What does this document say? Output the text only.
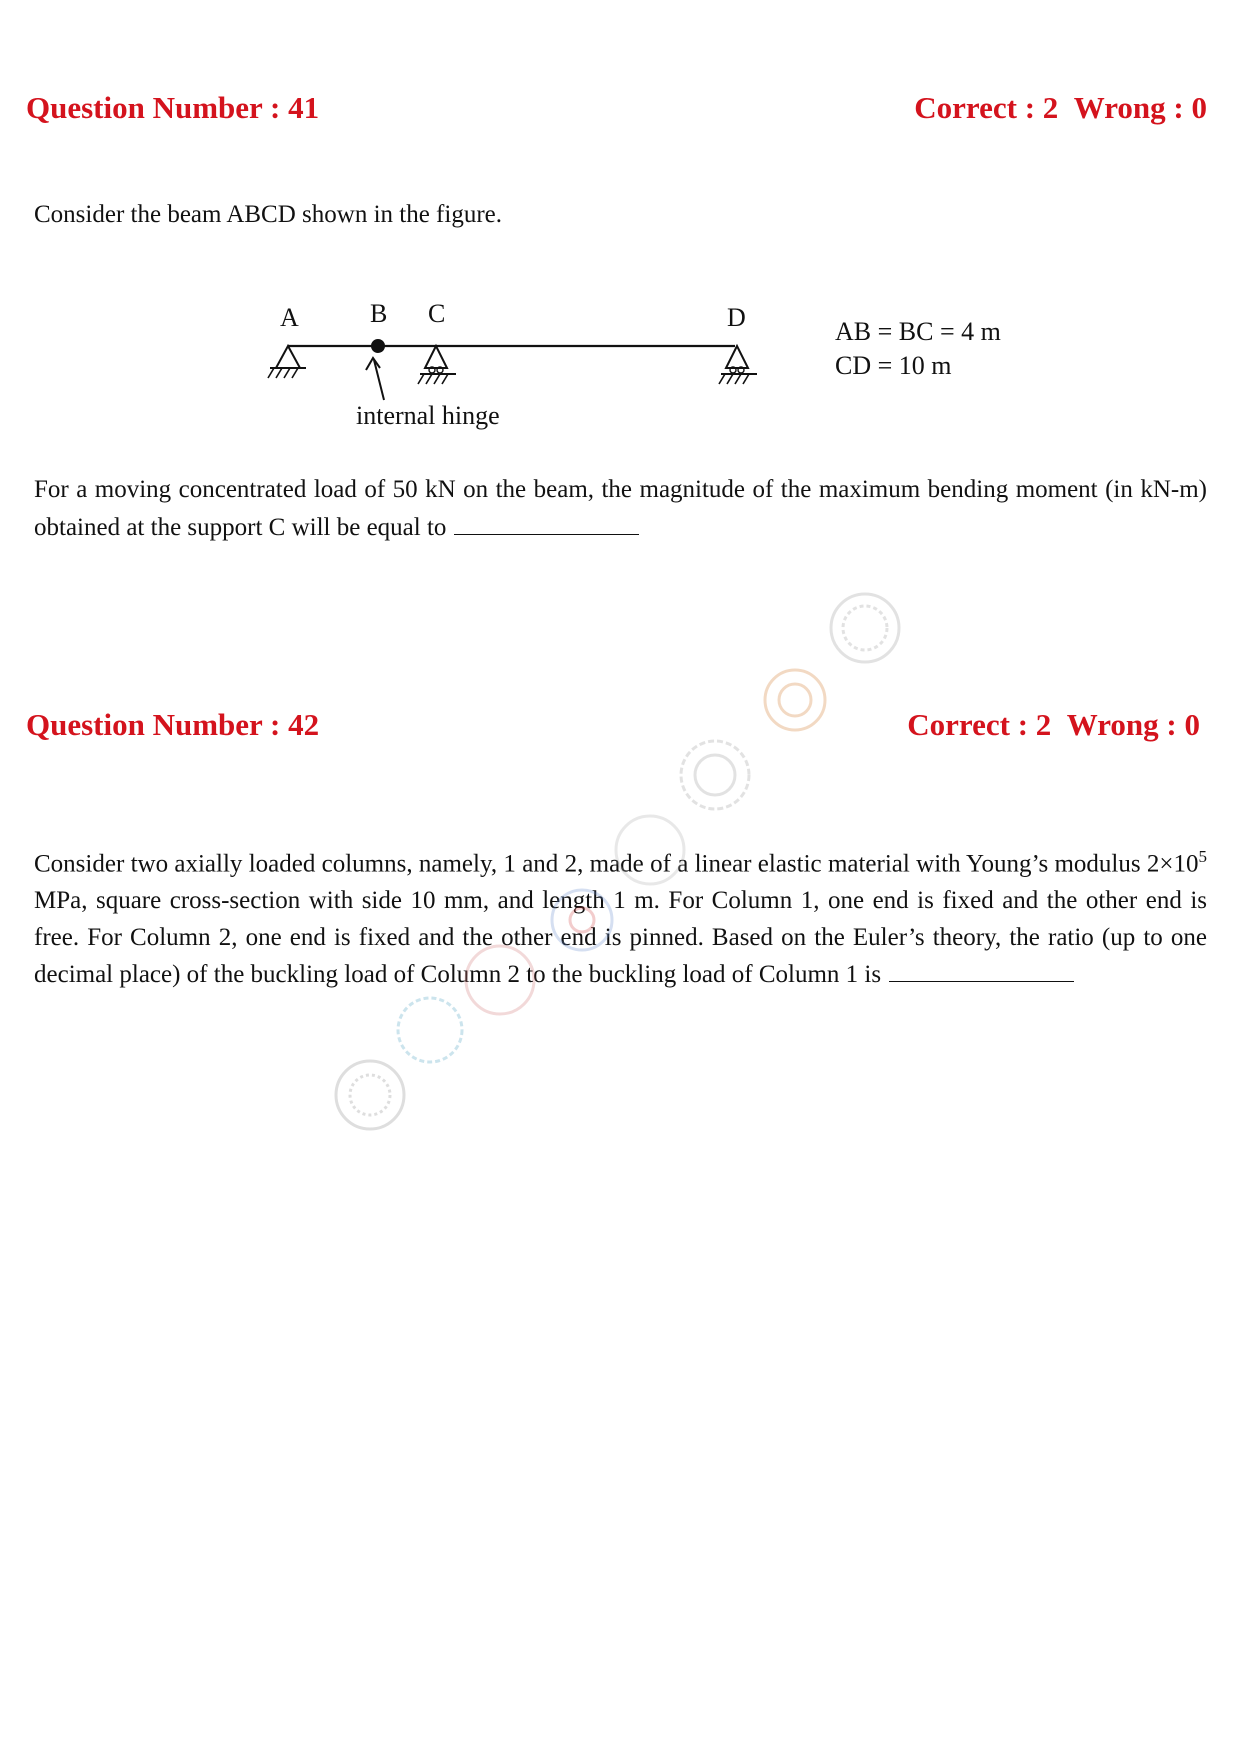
Question Number : 41	Correct : 2 Wrong : 0
Consider the beam ABCD shown in the figure.
A	B C	D
internal hinge
AB = BC = 4 m
CD = 10 m
For a moving concentrated load of 50 kN on the beam, the magnitude of the maximum bending moment (in kN-m) obtained at the support C will be equal to
Question Number : 42	Correct : 2 Wrong : 0
Consider two axially loaded columns, namely, 1 and 2, made of a linear elastic material with Young’s modulus $2\times 10^5$ MPa, square cross-section with side 10 mm, and length 1 m. For Column 1, one end is fixed and the other end is free. For Column 2, one end is fixed and the other end is pinned. Based on the Euler’s theory, the ratio (up to one decimal place) of the buckling load of Column 2 to the buckling load of Column 1 is
